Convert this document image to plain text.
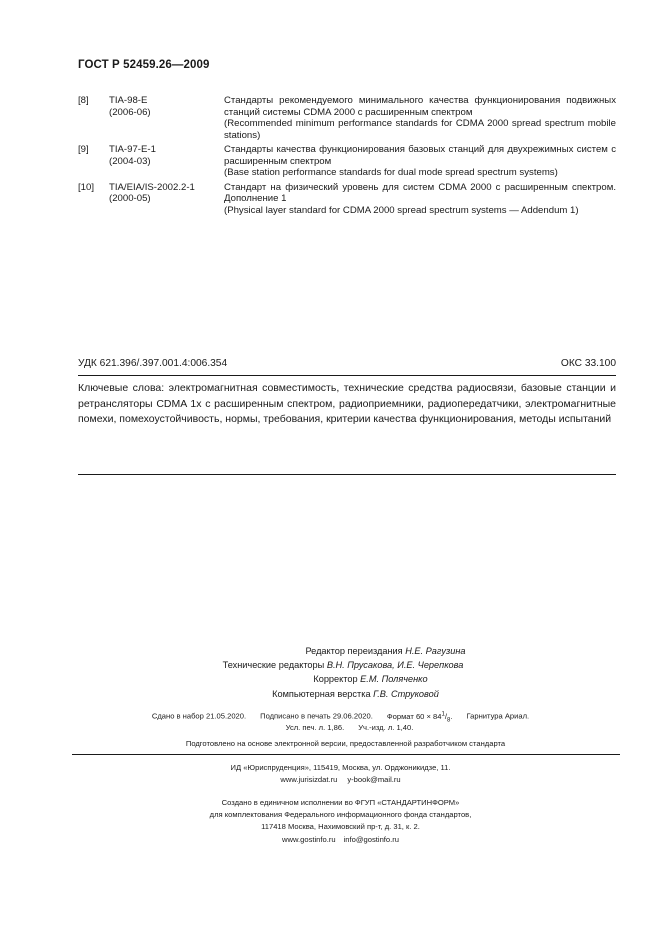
ГОСТ Р 52459.26—2009
[8]	TIA-98-E
(2006-06)
Стандарты рекомендуемого минимального качества функционирования подвижных станций системы CDMA 2000 с расширенным спектром
(Recommended minimum performance standards for CDMA 2000 spread spectrum mobile stations)
[9]	TIA-97-E-1
(2004-03)
Стандарты качества функционирования базовых станций для двухрежимных систем с расширенным спектром
(Base station performance standards for dual mode spread spectrum systems)
[10]	TIA/EIA/IS-2002.2-1
(2000-05)
Стандарт на физический уровень для систем CDMA 2000 с расширенным спектром. Дополнение 1
(Physical layer standard for CDMA 2000 spread spectrum systems — Addendum 1)
УДК 621.396/.397.001.4:006.354	ОКС 33.100
Ключевые слова: электромагнитная совместимость, технические средства радиосвязи, базовые станции и ретрансляторы CDMA 1x с расширенным спектром, радиоприемники, радиопередатчики, электромагнитные помехи, помехоустойчивость, нормы, требования, критерии качества функционирования, методы испытаний
Редактор переиздания Н.Е. Рагузина
Технические редакторы В.Н. Прусакова, И.Е. Черепкова
Корректор Е.М. Поляченко
Компьютерная верстка Г.В. Струковой
Сдано в набор 21.05.2020. Подписано в печать 29.06.2020. Формат $60 \times 84^1/_8$. Гарнитура Ариал.
Усл. печ. л. 1,86. Уч.-изд. л. 1,40.
Подготовлено на основе электронной версии, предоставленной разработчиком стандарта
ИД «Юриспруденция», 115419, Москва, ул. Орджоникидзе, 11.
www.jurisizdat.ru y-book@mail.ru
Создано в единичном исполнении во ФГУП «СТАНДАРТИНФОРМ»
для комплектования Федерального информационного фонда стандартов,
117418 Москва, Нахимовский пр-т, д. 31, к. 2.
www.gostinfo.ru info@gostinfo.ru
